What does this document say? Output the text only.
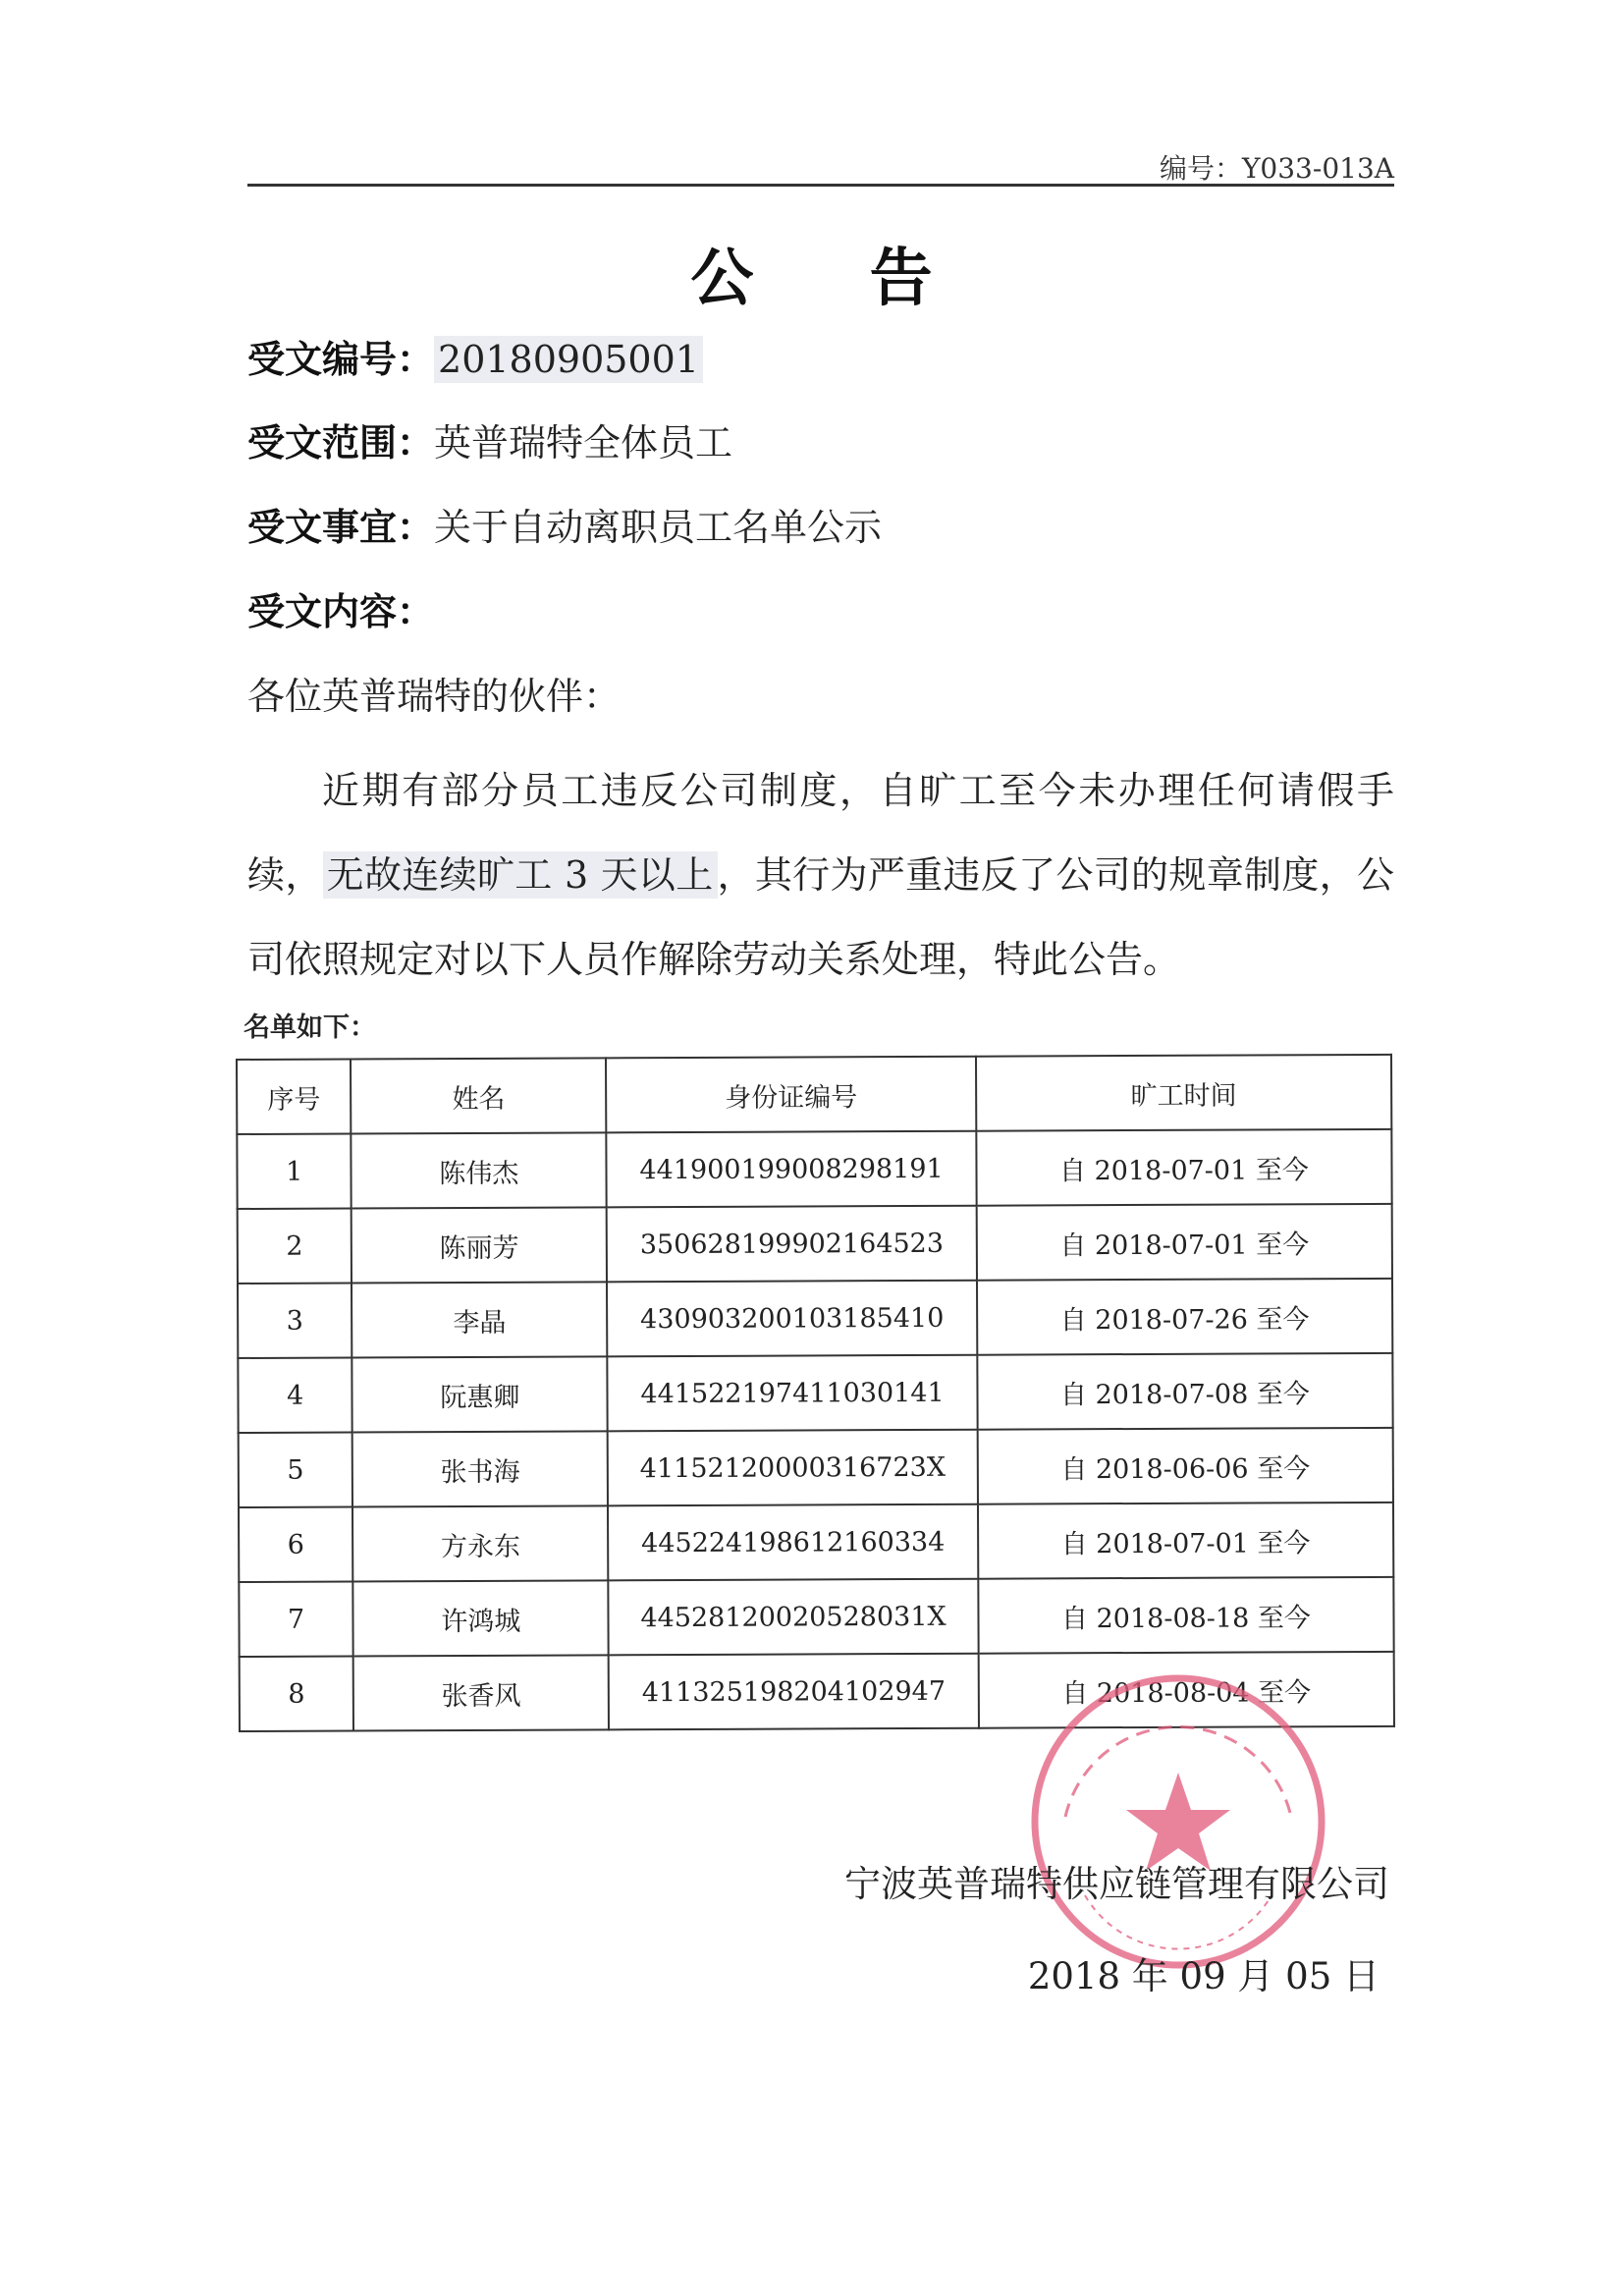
编号：Y033-013A
公 告
受文编号： 20180905001
受文范围：英普瑞特全体员工
受文事宜：关于自动离职员工名单公示
受文内容：
各位英普瑞特的伙伴：
近期有部分员工违反公司制度，自旷工至今未办理任何请假手续， 无故连续旷工 3 天以上 ，其行为严重违反了公司的规章制度，公司依照规定对以下人员作解除劳动关系处理，特此公告。
名单如下：
序号	姓名	身份证编号	旷工时间
1	陈伟杰	441900199008298191	自 2018-07-01 至今
2	陈丽芳	350628199902164523	自 2018-07-01 至今
3	李晶	430903200103185410	自 2018-07-26 至今
4	阮惠卿	441522197411030141	自 2018-07-08 至今
5	张书海	41152120000316723X	自 2018-06-06 至今
6	方永东	445224198612160334	自 2018-07-01 至今
7	许鸿城	44528120020528031X	自 2018-08-18 至今
8	张香风	411325198204102947	自 2018-08-04 至今
宁波英普瑞特供应链管理有限公司
2018 年 09 月 05 日
